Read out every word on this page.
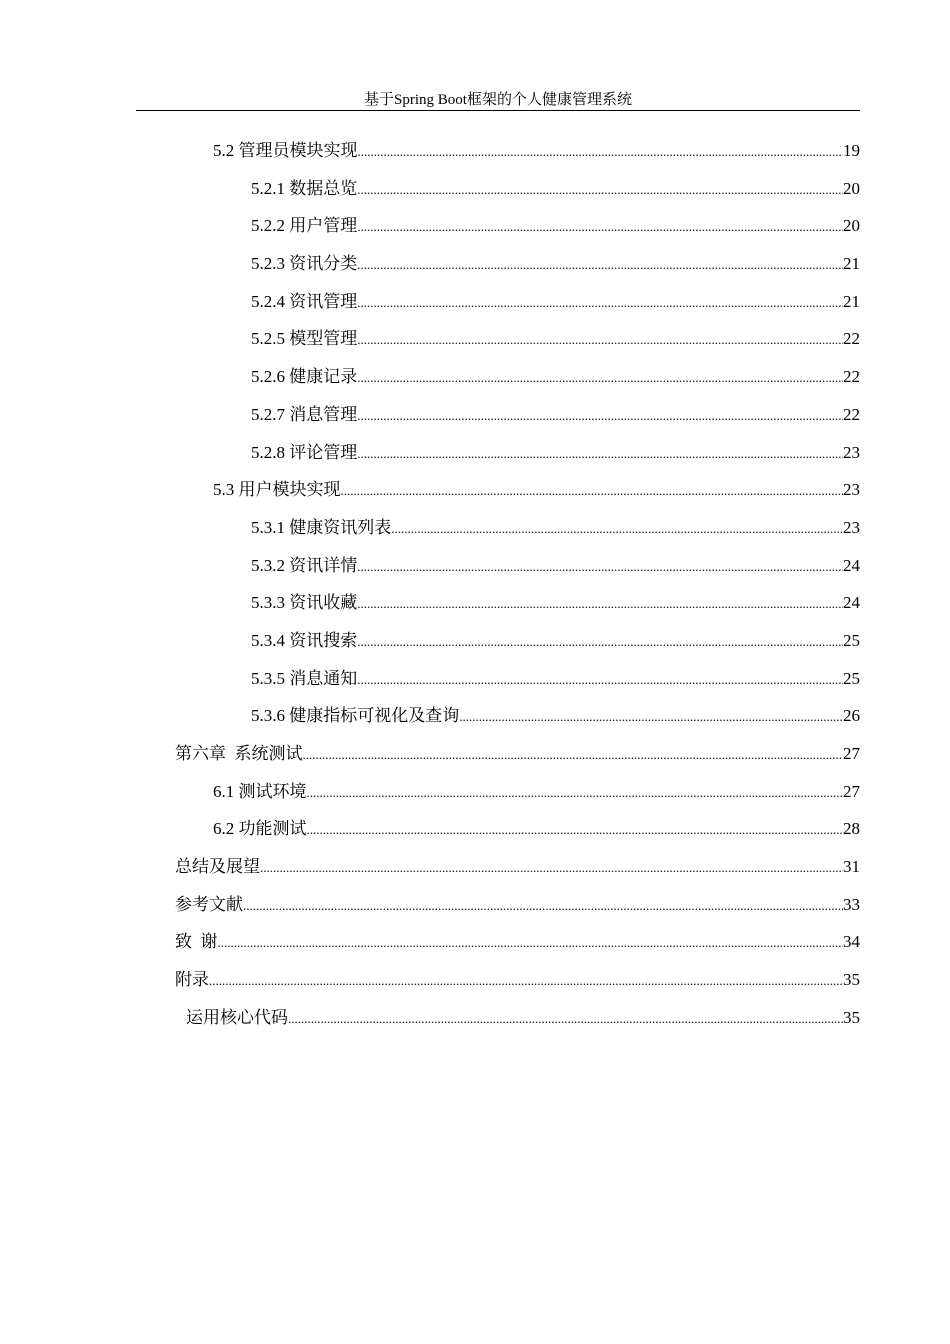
基于Spring Boot框架的个人健康管理系统
5.2 管理员模块实现 .....	19
5.2.1 数据总览 .....	20
5.2.2 用户管理 .....	20
5.2.3 资讯分类 .....	21
5.2.4 资讯管理 .....	21
5.2.5 模型管理 .....	22
5.2.6 健康记录 .....	22
5.2.7 消息管理 .....	22
5.2.8 评论管理 .....	23
5.3 用户模块实现 .....	23
5.3.1 健康资讯列表 .....	23
5.3.2 资讯详情 .....	24
5.3.3 资讯收藏 .....	24
5.3.4 资讯搜索 .....	25
5.3.5 消息通知 .....	25
5.3.6 健康指标可视化及查询 .....	26
第六章  系统测试 .....	27
6.1 测试环境 .....	27
6.2 功能测试 .....	28
总结及展望 .....	31
参考文献 .....	33
致  谢 .....	34
附录 .....	35
运用核心代码 .....	35
